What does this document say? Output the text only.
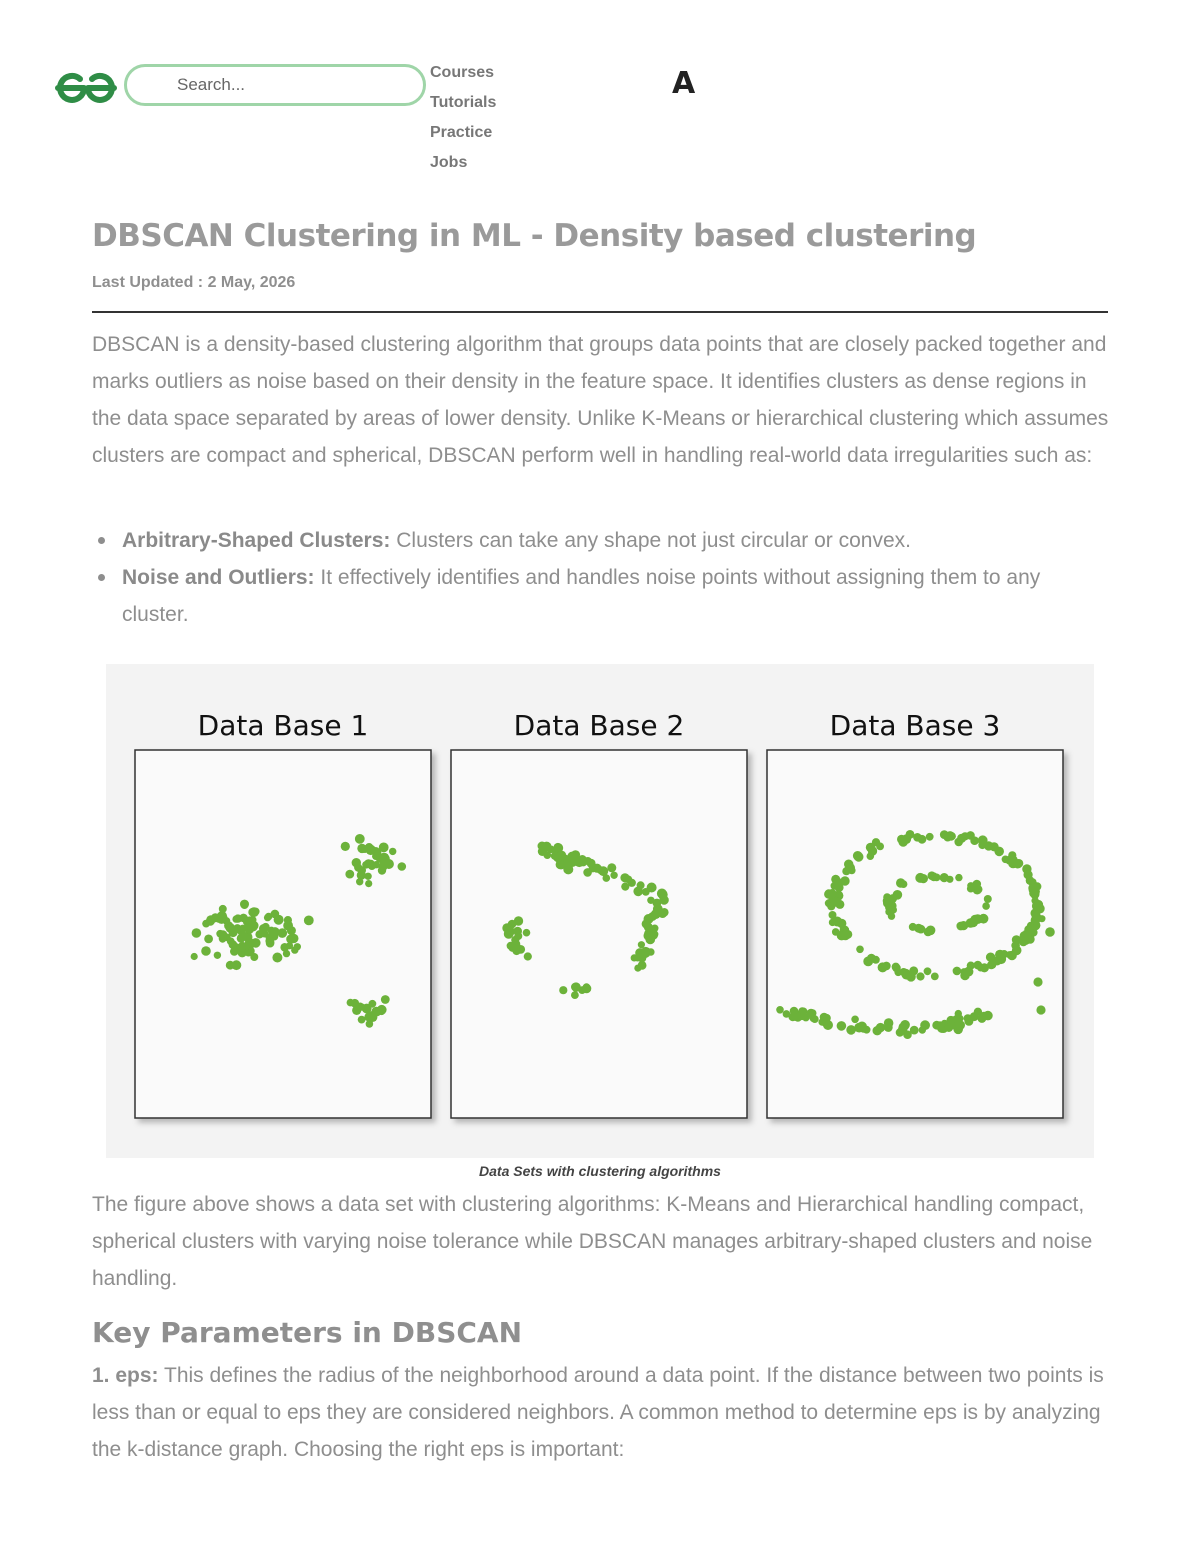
Search...
Courses
Tutorials
Practice
Jobs
A
DBSCAN Clustering in ML - Density based clustering
Last Updated : 2 May, 2026

DBSCAN is a density-based clustering algorithm that groups data points that are closely packed together and marks outliers as noise based on their density in the feature space. It identifies clusters as dense regions in the data space separated by areas of lower density. Unlike K-Means or hierarchical clustering which assumes clusters are compact and spherical, DBSCAN perform well in handling real-world data irregularities such as:

Arbitrary-Shaped Clusters: Clusters can take any shape not just circular or convex.
Noise and Outliers: It effectively identifies and handles noise points without assigning them to any cluster.
Data Base 1	Data Base 2	Data Base 3
Data Sets with clustering algorithms

The figure above shows a data set with clustering algorithms: K-Means and Hierarchical handling compact, spherical clusters with varying noise tolerance while DBSCAN manages arbitrary-shaped clusters and noise handling.

Key Parameters in DBSCAN

1. eps: This defines the radius of the neighborhood around a data point. If the distance between two points is less than or equal to eps they are considered neighbors. A common method to determine eps is by analyzing the k-distance graph. Choosing the right eps is important:
